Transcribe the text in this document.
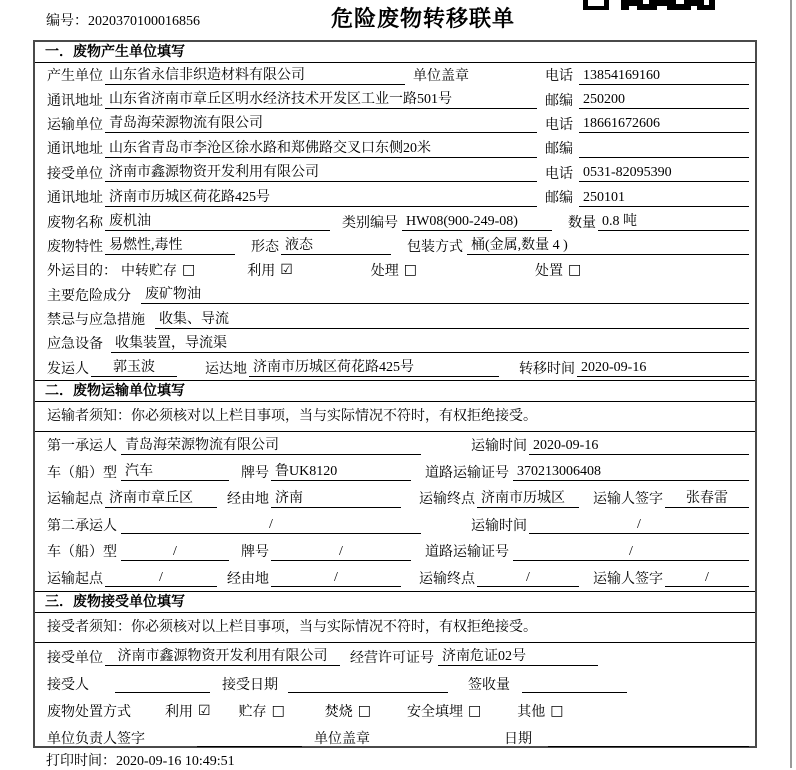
编号：2020370100016856	危险废物转移联单
一．废物产生单位填写
产生单位 山东省永信非织造材料有限公司	单位盖章	电话 13854169160
通讯地址 山东省济南市章丘区明水经济技术开发区工业一路501号	邮编 250200
运输单位 青岛海荣源物流有限公司	电话 18661672606
通讯地址 山东省青岛市李沧区徐水路和郑佛路交叉口东侧20米	邮编
接受单位 济南市鑫源物资开发利用有限公司	电话 0531-82095390
通讯地址 济南市历城区荷花路425号	邮编 250101
废物名称 废机油	类别编号 HW08(900-249-08)	数量 0.8 吨
废物特性 易燃性,毒性	形态 液态	包装方式 桶(金属,数量 4 )
外运目的： 中转贮存 □	利用 ☑	处理 □	处置 □
主要危险成分 废矿物油
禁忌与应急措施 收集、导流
应急设备 收集装置，导流渠
发运人	郭玉波	运达地 济南市历城区荷花路425号	转移时间 2020-09-16
二．废物运输单位填写
运输者须知：你必须核对以上栏目事项，当与实际情况不符时，有权拒绝接受。
第一承运人 青岛海荣源物流有限公司	运输时间 2020-09-16
车（船）型 汽车	牌号 鲁UK8120	道路运输证号 370213006408
运输起点 济南市章丘区	经由地 济南	运输终点 济南市历城区	运输人签字	张春雷
第二承运人	/	运输时间	/
车（船）型	/	牌号	/	道路运输证号	/
运输起点	/	经由地	/	运输终点	/	运输人签字	/
三．废物接受单位填写
接受者须知：你必须核对以上栏目事项，当与实际情况不符时，有权拒绝接受。
接受单位	济南市鑫源物资开发利用有限公司	经营许可证号 济南危证02号
接受人	接受日期	签收量
废物处置方式 利用 ☑ 贮存 □	焚烧 □	安全填埋 □	其他 □
单位负责人签字	单位盖章	日期
打印时间：2020-09-16 10:49:51
